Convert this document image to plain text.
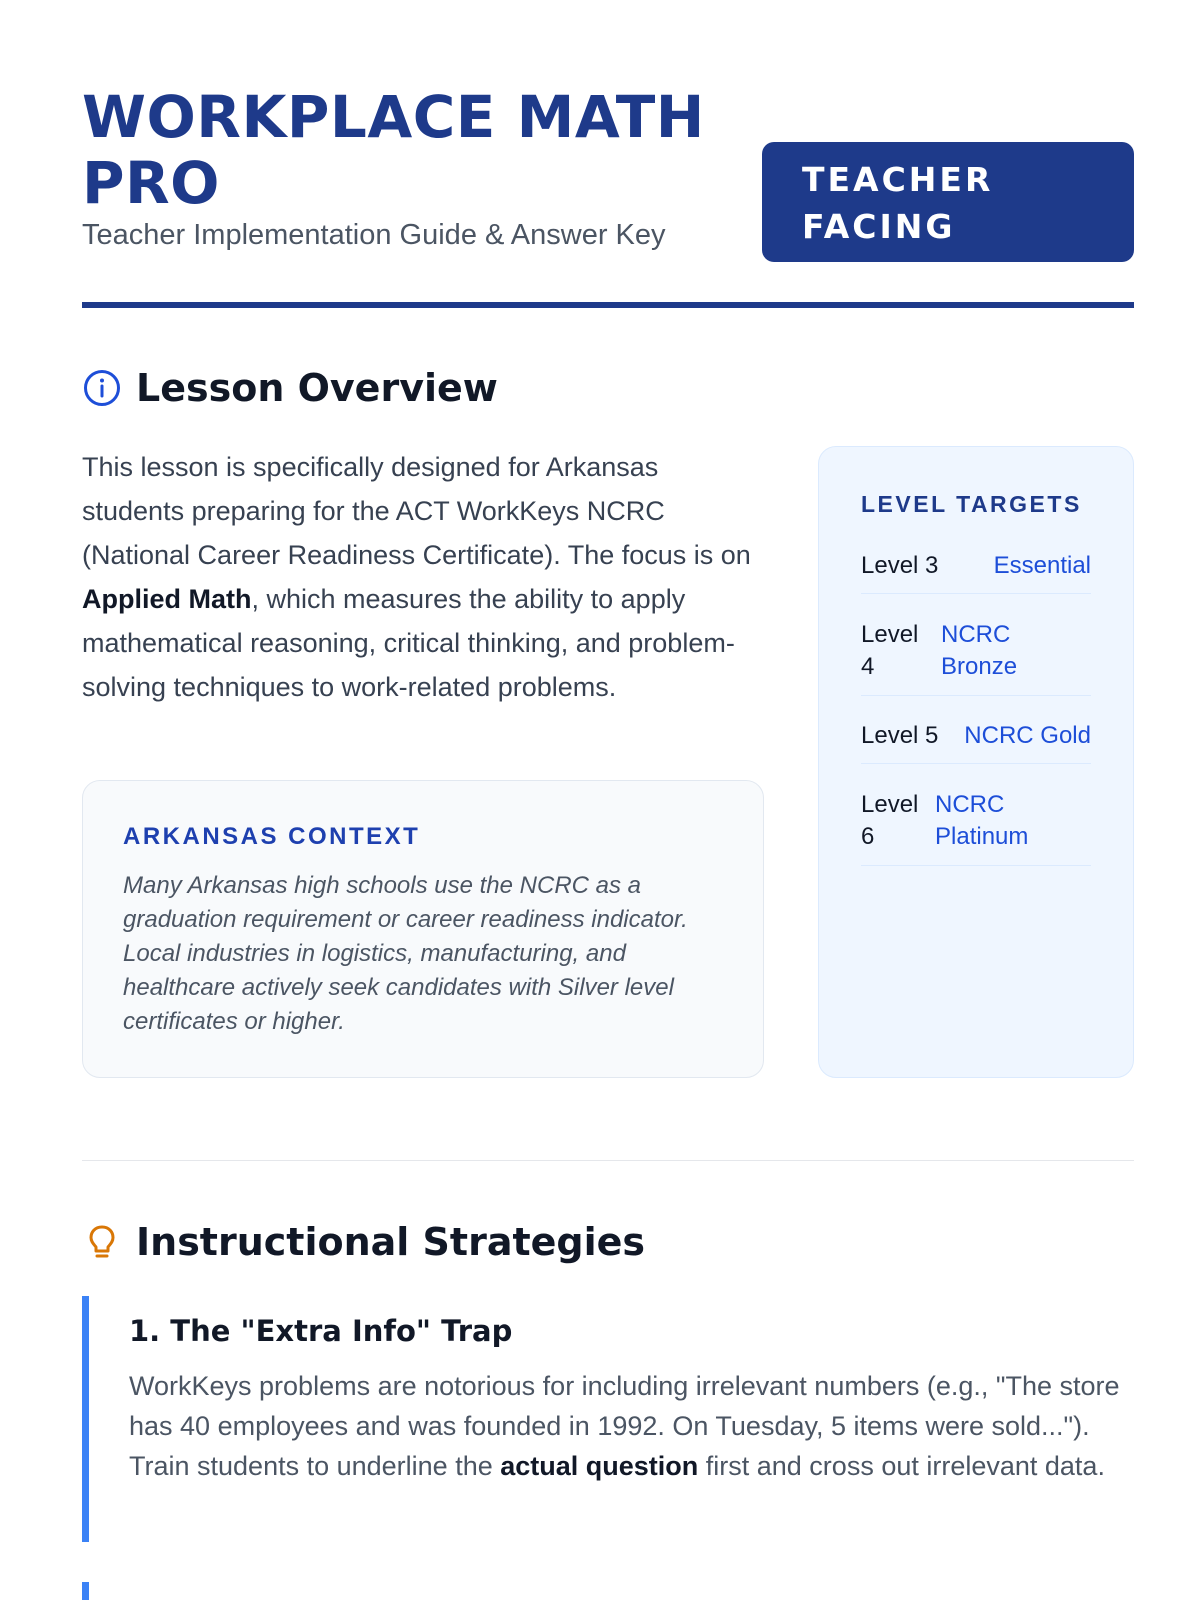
WORKPLACE MATH PRO
Teacher Implementation Guide & Answer Key
TEACHER
FACING
Lesson Overview

This lesson is specifically designed for Arkansas students preparing for the ACT WorkKeys NCRC (National Career Readiness Certificate). The focus is on Applied Math, which measures the ability to apply mathematical reasoning, critical thinking, and problem-solving techniques to work-related problems.

ARKANSAS CONTEXT

Many Arkansas high schools use the NCRC as a graduation requirement or career readiness indicator. Local industries in logistics, manufacturing, and healthcare actively seek candidates with Silver level certificates or higher.

LEVEL TARGETS
Level 3 Essential
Level 4
NCRC Bronze
Level 5 NCRC Gold
Level 6
NCRC Platinum
Instructional Strategies
1. The "Extra Info" Trap

WorkKeys problems are notorious for including irrelevant numbers (e.g., "The store has 40 employees and was founded in 1992. On Tuesday, 5 items were sold..."). Train students to underline the actual question first and cross out irrelevant data.
